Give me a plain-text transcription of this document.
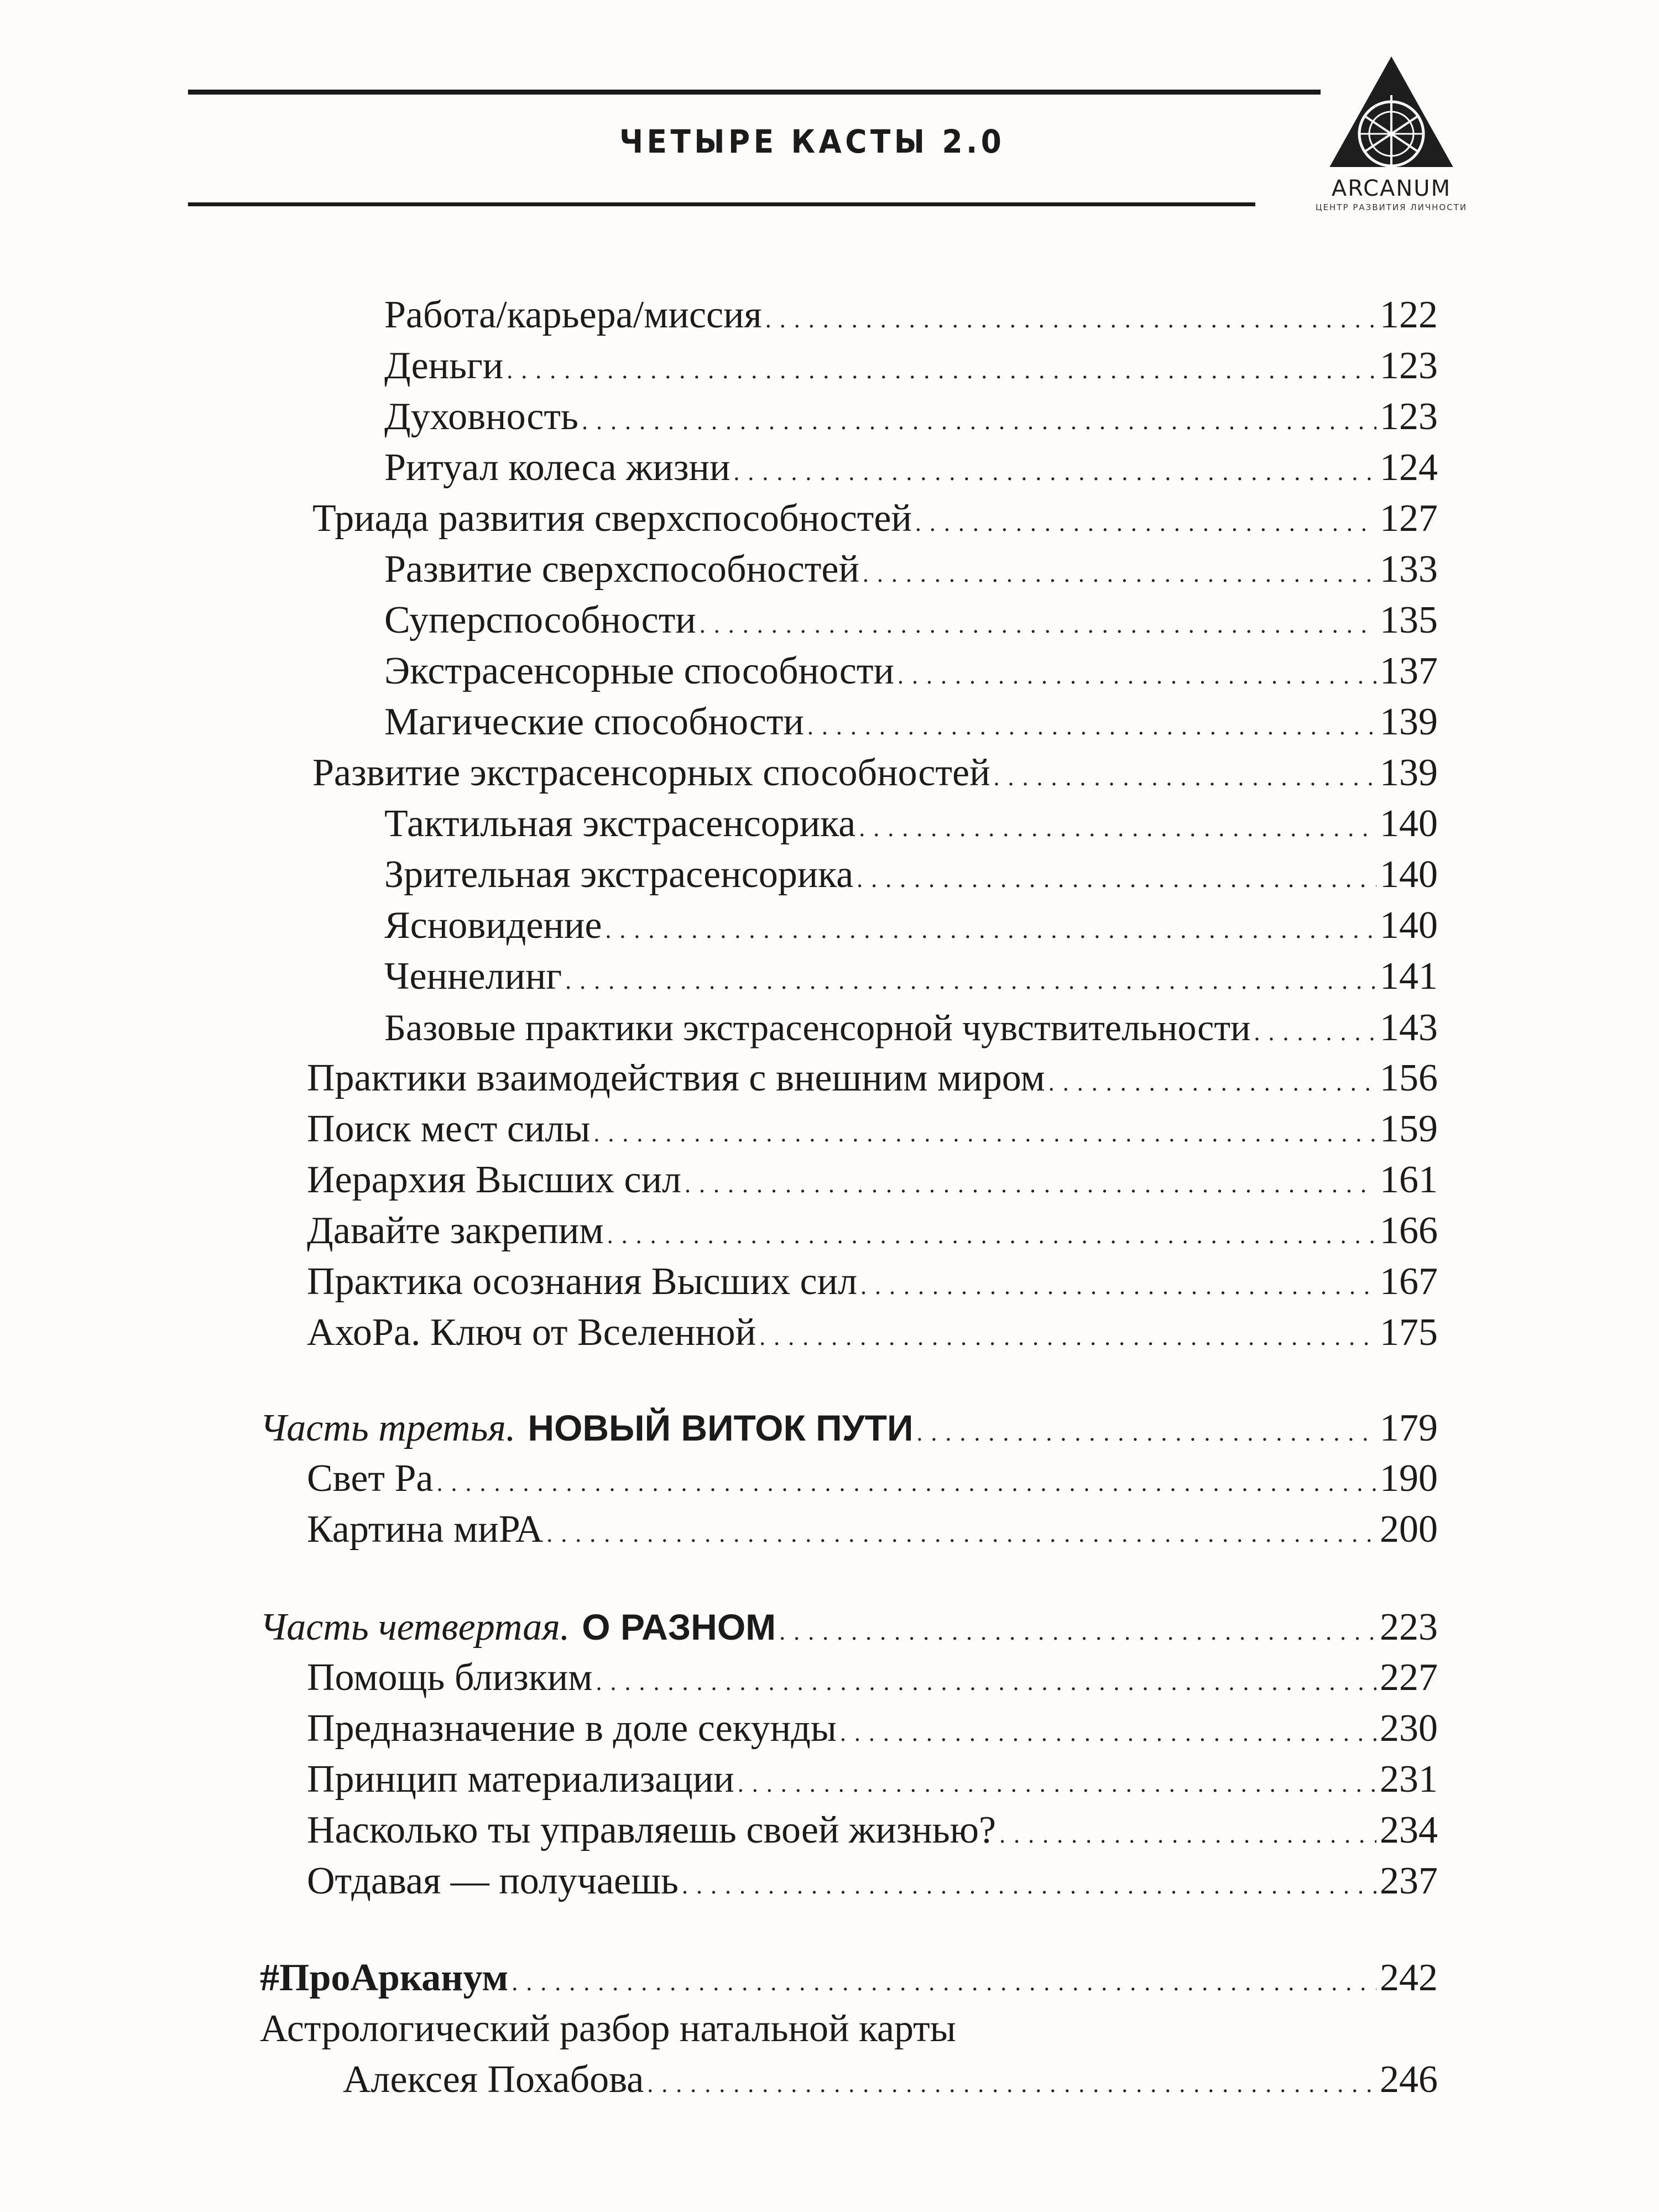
ЧЕТЫРЕ КАСТЫ 2.0
ARCANUM
ЦЕНТР РАЗВИТИЯ ЛИЧНОСТИ
Работа/карьера/миссия . . .	122
Деньги . . .	123
Духовность . . .	123
Ритуал колеса жизни . . .	124
Триада развития сверхспособностей . . .	127
Развитие сверхспособностей . . .	133
Суперспособности . . .	135
Экстрасенсорные способности . . .	137
Магические способности . . .	139
Развитие экстрасенсорных способностей . . .	139
Тактильная экстрасенсорика . . .	140
Зрительная экстрасенсорика . . .	140
Ясновидение . . .	140
Ченнелинг . . .	141
Базовые практики экстрасенсорной чувствительности . . .	143
Практики взаимодействия с внешним миром . . .	156
Поиск мест силы . . .	159
Иерархия Высших сил . . .	161
Давайте закрепим . . .	166
Практика осознания Высших сил . . .	167
АхоРа. Ключ от Вселенной . . .	175
Часть третья. НОВЫЙ ВИТОК ПУТИ . . .	179
Свет Ра . . .	190
Картина миРА . . .	200
Часть четвертая. О РАЗНОМ . . .	223
Помощь близким . . .	227
Предназначение в доле секунды . . .	230
Принцип материализации . . .	231
Насколько ты управляешь своей жизнью? . . .	234
Отдавая — получаешь . . .	237
#ПроАрканум . . .	242
Астрологический разбор натальной карты
Алексея Похабова . . .	246
